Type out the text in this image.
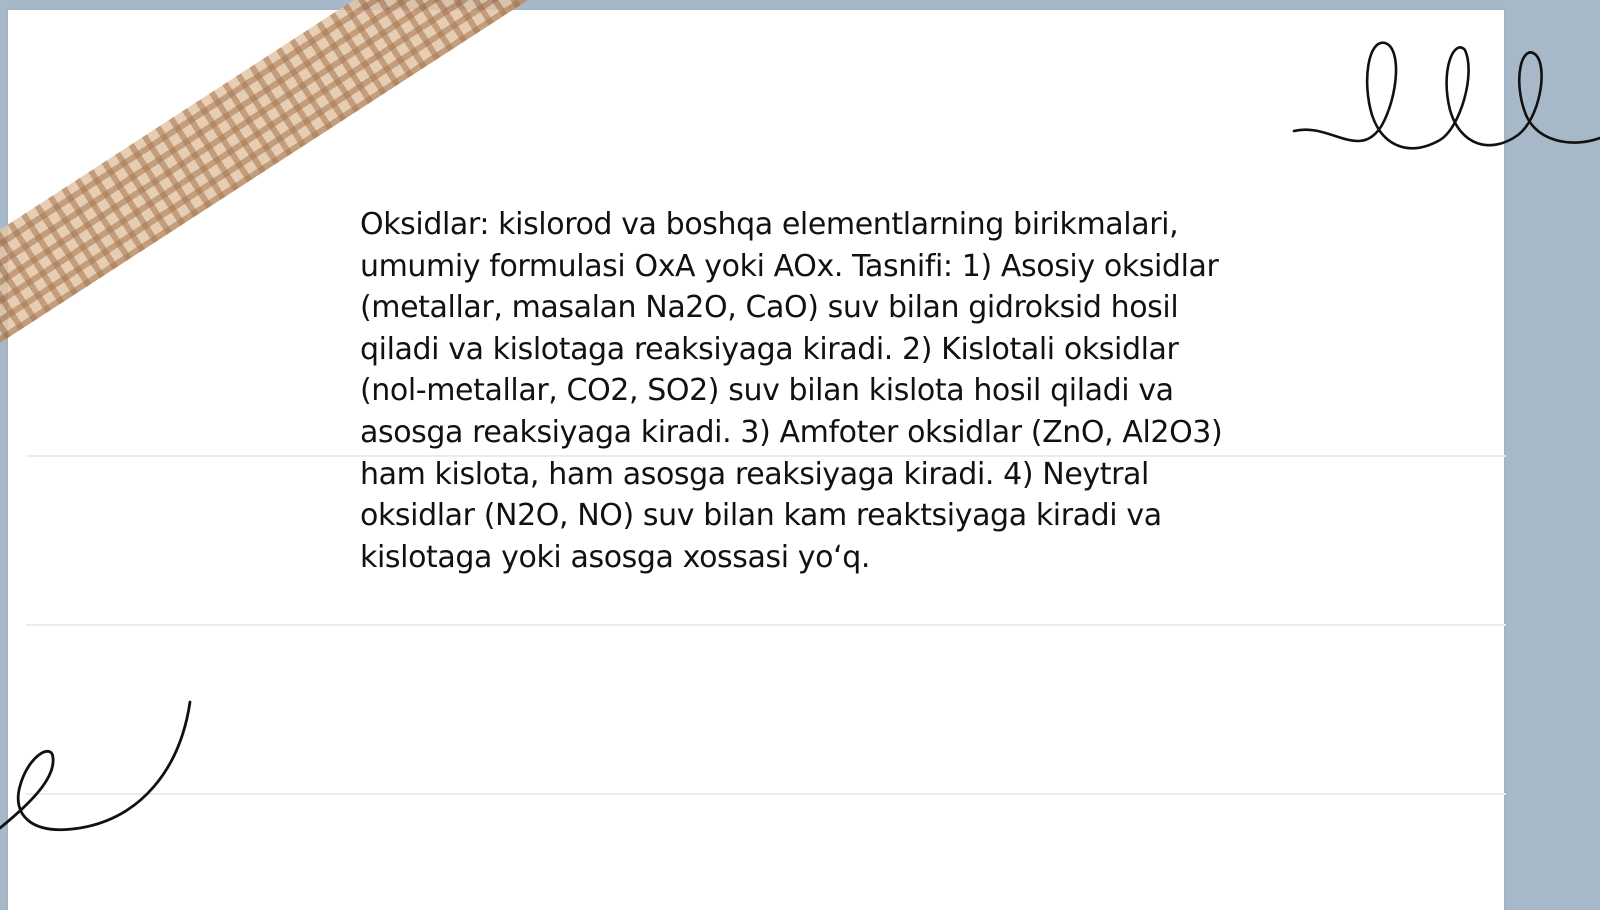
Oksidlar: kislorod va boshqa elementlarning birikmalari, umumiy formulasi OxA yoki AOx. Tasnifi: 1) Asosiy oksidlar (metallar, masalan Na2O, CaO) suv bilan gidroksid hosil qiladi va kislotaga reaksiyaga kiradi. 2) Kislotali oksidlar (nol-metallar, CO2, SO2) suv bilan kislota hosil qiladi va asosga reaksiyaga kiradi. 3) Amfoter oksidlar (ZnO, Al2O3) ham kislota, ham asosga reaksiyaga kiradi. 4) Neytral oksidlar (N2O, NO) suv bilan kam reaktsiyaga kiradi va kislotaga yoki asosga xossasi yo‘q.
